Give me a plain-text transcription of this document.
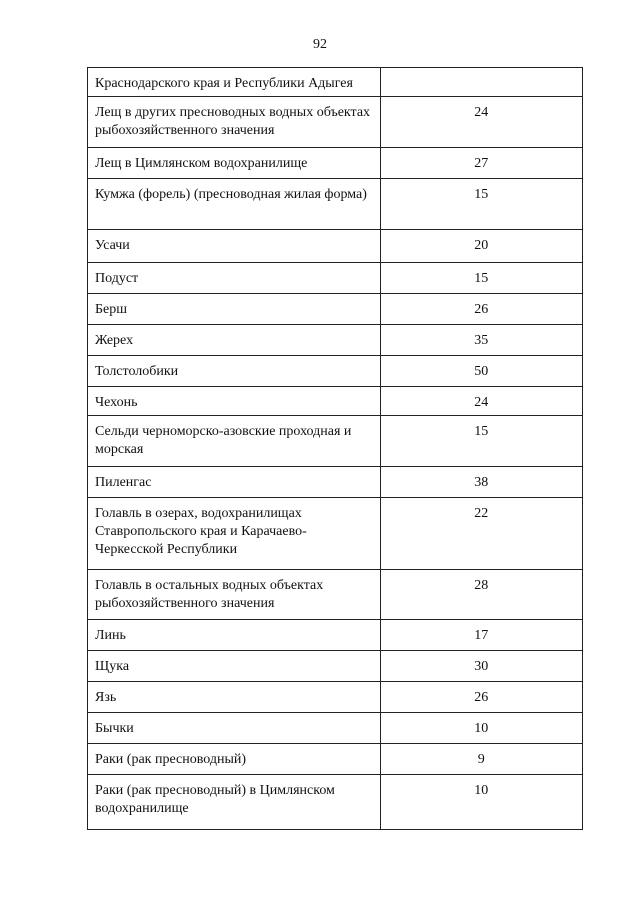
92
Краснодарского края и Республики Адыгея	
Лещ в других пресноводных водных объектах рыбохозяйственного значения	24
Лещ в Цимлянском водохранилище	27
Кумжа (форель) (пресноводная жилая форма)	15
Усачи	20
Подуст	15
Берш	26
Жерех	35
Толстолобики	50
Чехонь	24
Сельди черноморско-азовские проходная и морская	15
Пиленгас	38
Голавль в озерах, водохранилищах Ставропольского края и Карачаево-Черкесской Республики	22
Голавль в остальных водных объектах рыбохозяйственного значения	28
Линь	17
Щука	30
Язь	26
Бычки	10
Раки (рак пресноводный)	9
Раки (рак пресноводный) в Цимлянском водохранилище	10
